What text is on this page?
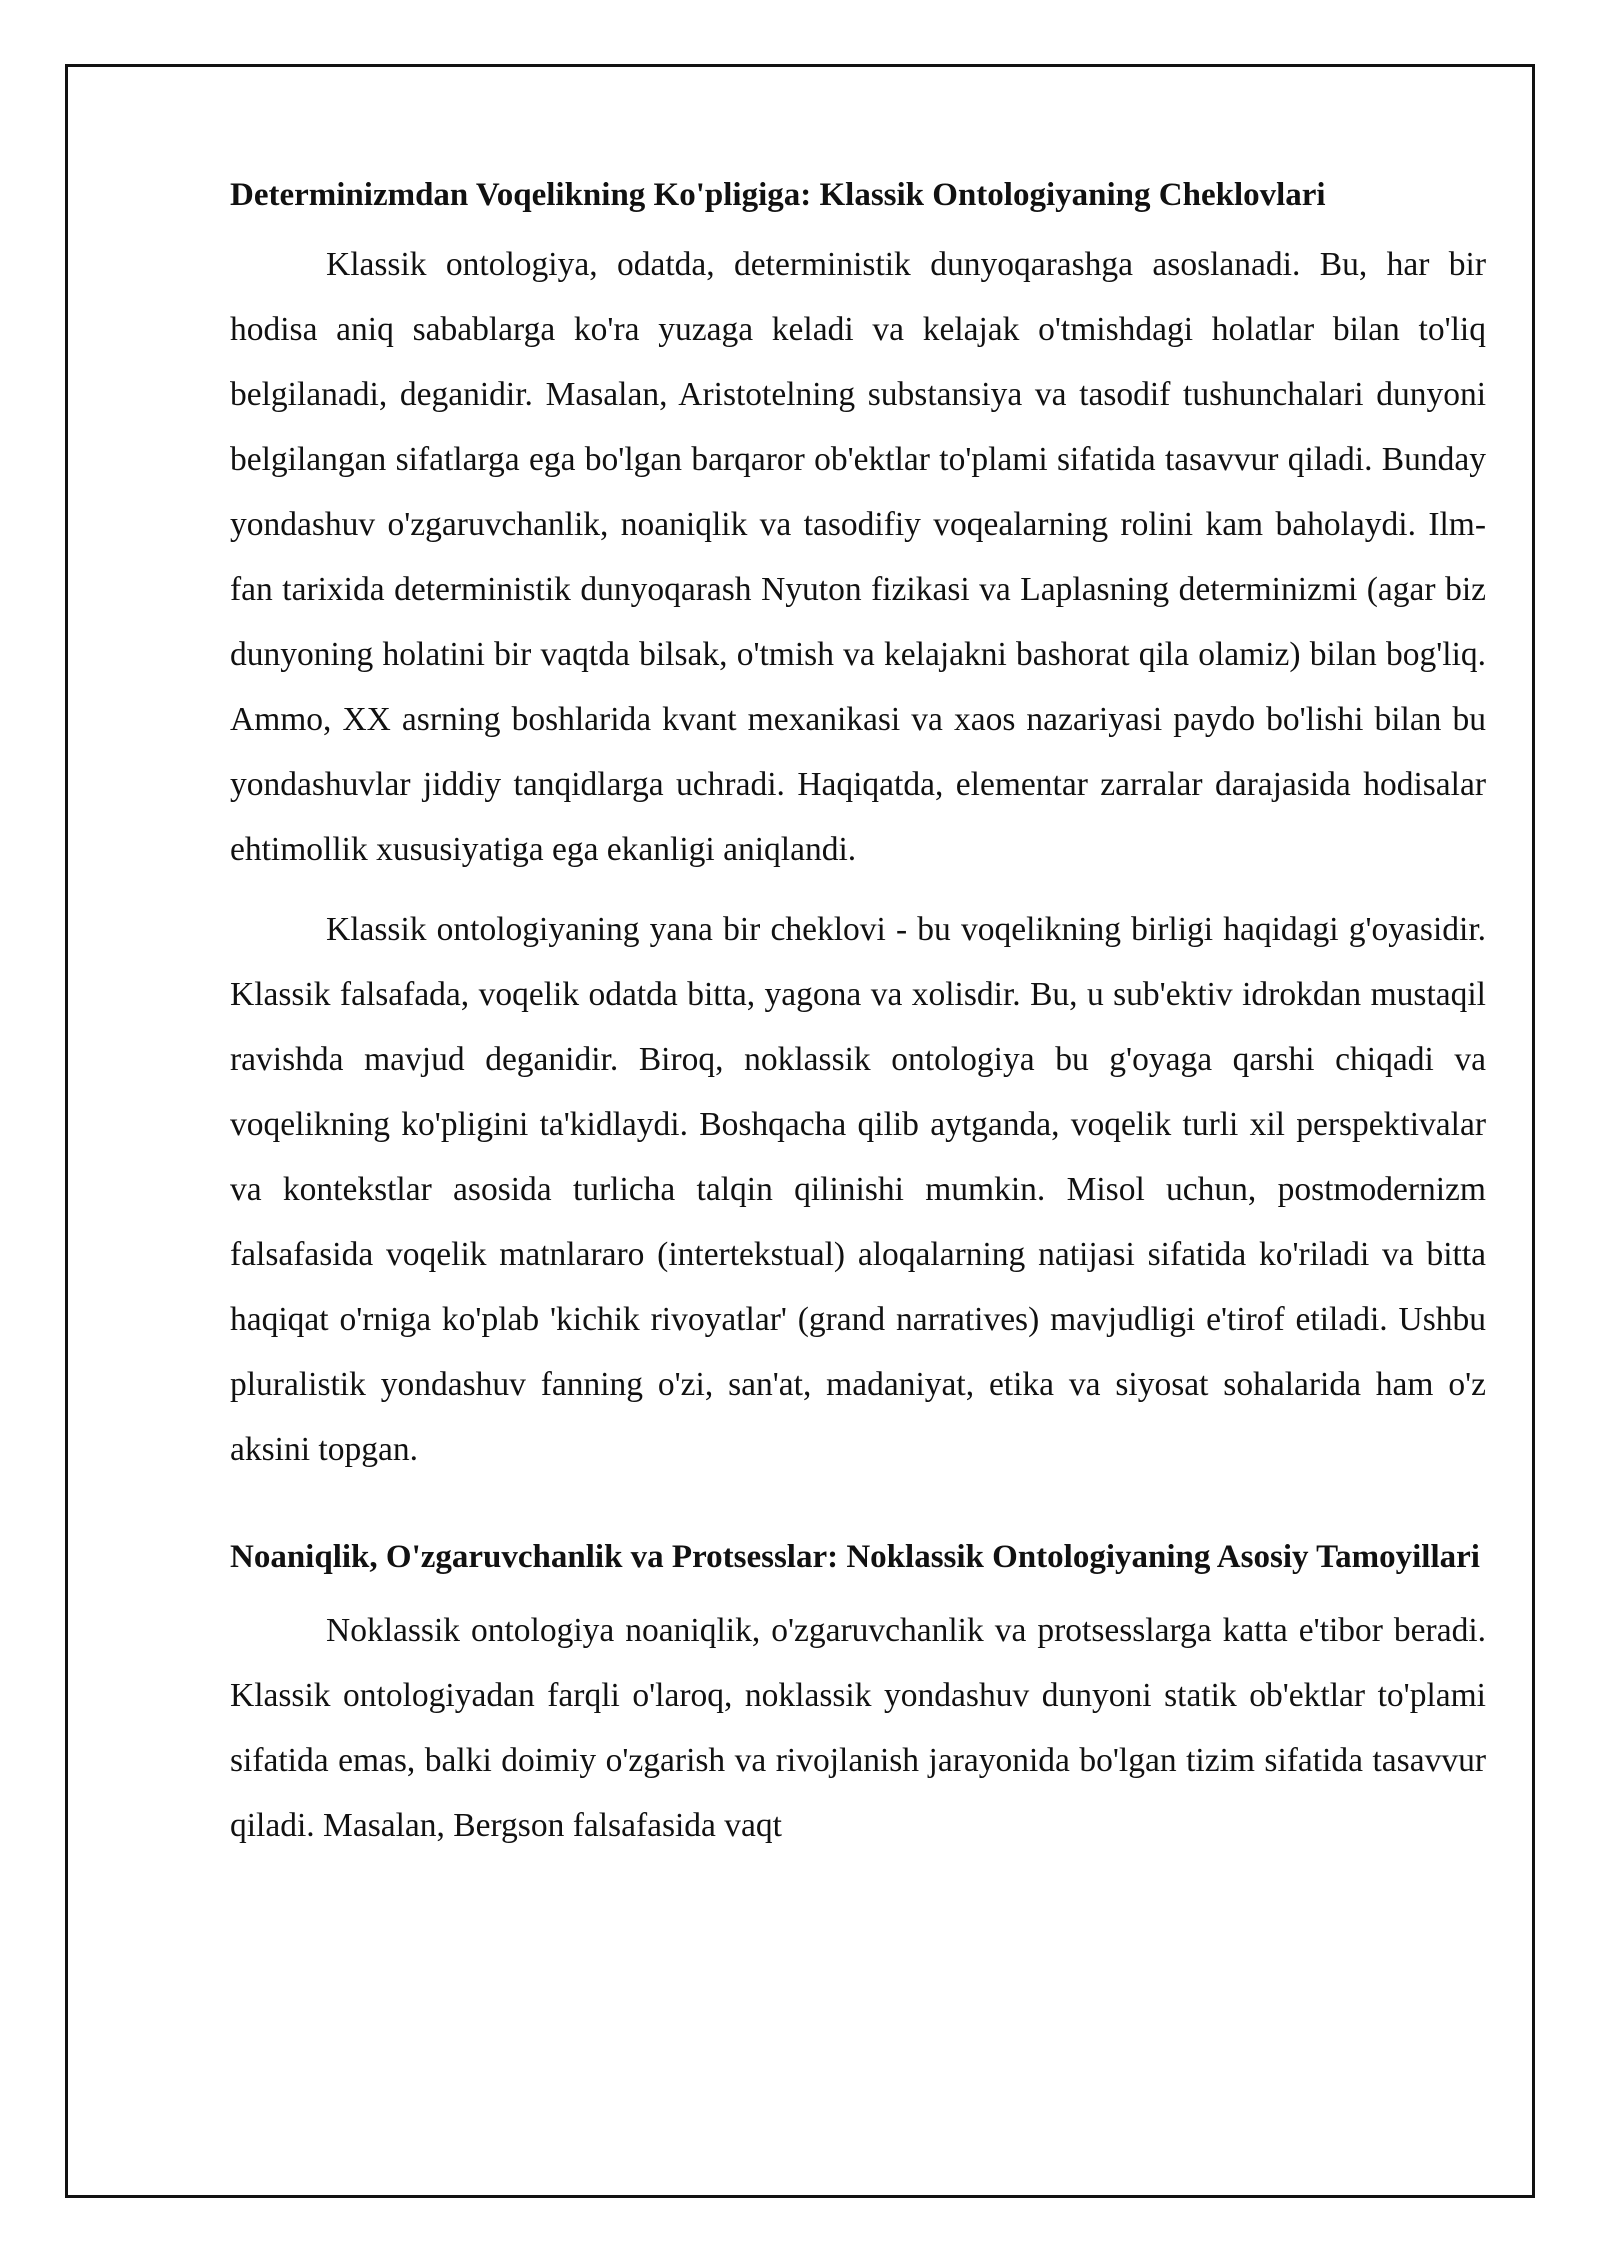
Determinizmdan Voqelikning Ko'pligiga: Klassik Ontologiyaning Cheklovlari

Klassik ontologiya, odatda, deterministik dunyoqarashga asoslanadi. Bu, har bir hodisa aniq sabablarga ko'ra yuzaga keladi va kelajak o'tmishdagi holatlar bilan to'liq belgilanadi, deganidir. Masalan, Aristotelning substansiya va tasodif tushunchalari dunyoni belgilangan sifatlarga ega bo'lgan barqaror ob'ektlar to'plami sifatida tasavvur qiladi. Bunday yondashuv o'zgaruvchanlik, noaniqlik va tasodifiy voqealarning rolini kam baholaydi. Ilm-fan tarixida deterministik dunyoqarash Nyuton fizikasi va Laplasning determinizmi (agar biz dunyoning holatini bir vaqtda bilsak, o'tmish va kelajakni bashorat qila olamiz) bilan bog'liq. Ammo, XX asrning boshlarida kvant mexanikasi va xaos nazariyasi paydo bo'lishi bilan bu yondashuvlar jiddiy tanqidlarga uchradi. Haqiqatda, elementar zarralar darajasida hodisalar ehtimollik xususiyatiga ega ekanligi aniqlandi.

Klassik ontologiyaning yana bir cheklovi - bu voqelikning birligi haqidagi g'oyasidir. Klassik falsafada, voqelik odatda bitta, yagona va xolisdir. Bu, u sub'ektiv idrokdan mustaqil ravishda mavjud deganidir. Biroq, noklassik ontologiya bu g'oyaga qarshi chiqadi va voqelikning ko'pligini ta'kidlaydi. Boshqacha qilib aytganda, voqelik turli xil perspektivalar va kontekstlar asosida turlicha talqin qilinishi mumkin. Misol uchun, postmodernizm falsafasida voqelik matnlararo (intertekstual) aloqalarning natijasi sifatida ko'riladi va bitta haqiqat o'rniga ko'plab 'kichik rivoyatlar' (grand narratives) mavjudligi e'tirof etiladi. Ushbu pluralistik yondashuv fanning o'zi, san'at, madaniyat, etika va siyosat sohalarida ham o'z aksini topgan.

Noaniqlik, O'zgaruvchanlik va Protsesslar: Noklassik Ontologiyaning Asosiy Tamoyillari

Noklassik ontologiya noaniqlik, o'zgaruvchanlik va protsesslarga katta e'tibor beradi. Klassik ontologiyadan farqli o'laroq, noklassik yondashuv dunyoni statik ob'ektlar to'plami sifatida emas, balki doimiy o'zgarish va rivojlanish jarayonida bo'lgan tizim sifatida tasavvur qiladi. Masalan, Bergson falsafasida vaqt
